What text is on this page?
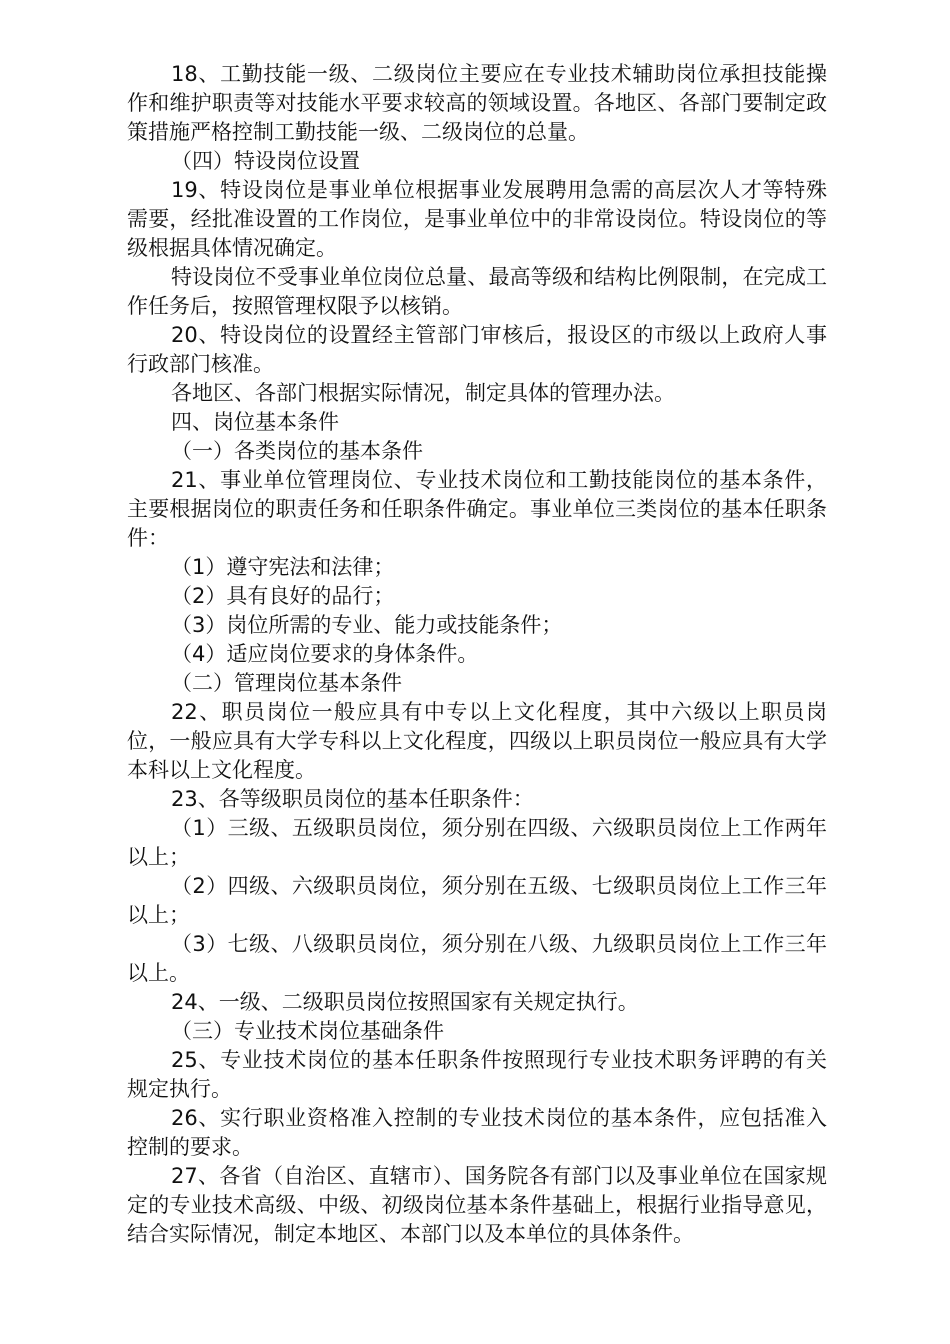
18、工勤技能一级、二级岗位主要应在专业技术辅助岗位承担技能操作和维护职责等对技能水平要求较高的领域设置。各地区、各部门要制定政策措施严格控制工勤技能一级、二级岗位的总量。

（四）特设岗位设置

19、特设岗位是事业单位根据事业发展聘用急需的高层次人才等特殊需要，经批准设置的工作岗位，是事业单位中的非常设岗位。特设岗位的等级根据具体情况确定。

特设岗位不受事业单位岗位总量、最高等级和结构比例限制，在完成工作任务后，按照管理权限予以核销。

20、特设岗位的设置经主管部门审核后，报设区的市级以上政府人事行政部门核准。

各地区、各部门根据实际情况，制定具体的管理办法。

四、岗位基本条件

（一）各类岗位的基本条件

21、事业单位管理岗位、专业技术岗位和工勤技能岗位的基本条件，主要根据岗位的职责任务和任职条件确定。事业单位三类岗位的基本任职条件：

（1）遵守宪法和法律；

（2）具有良好的品行；

（3）岗位所需的专业、能力或技能条件；

（4）适应岗位要求的身体条件。

（二）管理岗位基本条件

22、职员岗位一般应具有中专以上文化程度，其中六级以上职员岗位，一般应具有大学专科以上文化程度，四级以上职员岗位一般应具有大学本科以上文化程度。

23、各等级职员岗位的基本任职条件：

（1）三级、五级职员岗位，须分别在四级、六级职员岗位上工作两年以上；

（2）四级、六级职员岗位，须分别在五级、七级职员岗位上工作三年以上；

（3）七级、八级职员岗位，须分别在八级、九级职员岗位上工作三年以上。

24、一级、二级职员岗位按照国家有关规定执行。

（三）专业技术岗位基础条件

25、专业技术岗位的基本任职条件按照现行专业技术职务评聘的有关规定执行。

26、实行职业资格准入控制的专业技术岗位的基本条件，应包括准入控制的要求。

27、各省（自治区、直辖市）、国务院各有部门以及事业单位在国家规定的专业技术高级、中级、初级岗位基本条件基础上，根据行业指导意见，结合实际情况，制定本地区、本部门以及本单位的具体条件。
